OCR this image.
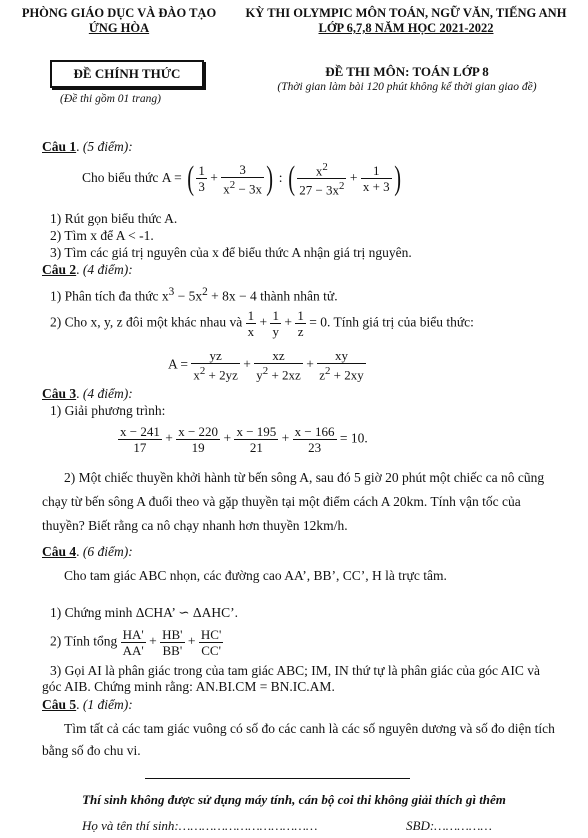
PHÒNG GIÁO DỤC VÀ ĐÀO TẠO
ỨNG HÒA
KỲ THI OLYMPIC MÔN TOÁN, NGỮ VĂN, TIẾNG ANH
LỚP 6,7,8 NĂM HỌC 2021-2022
ĐỀ CHÍNH THỨC
(Đề thi gồm 01 trang)
ĐỀ THI MÔN: TOÁN LỚP 8
(Thời gian làm bài 120 phút không kể thời gian giao đề)
Câu 1. (5 điểm):
Cho biểu thức A = ( $\frac{1}{3} + \frac{3}{x^2 - 3x}$ ) : ( $\frac{x^2}{27 - 3x^2} + \frac{1}{x + 3}$ )
1) Rút gọn biểu thức A.
2) Tìm x để A < -1.
3) Tìm các giá trị nguyên của x để biểu thức A nhận giá trị nguyên.
Câu 2. (4 điểm):
1) Phân tích đa thức $x^3 - 5x^2 + 8x - 4$ thành nhân tử.
2) Cho x, y, z đôi một khác nhau và $\frac{1}{x} + \frac{1}{y} + \frac{1}{z} = 0$. Tính giá trị của biểu thức:
$A = \frac{yz}{x^2 + 2yz} + \frac{xz}{y^2 + 2xz} + \frac{xy}{z^2 + 2xy}$
Câu 3. (4 điểm):
1) Giải phương trình:
$\frac{x - 241}{17} + \frac{x - 220}{19} + \frac{x - 195}{21} + \frac{x - 166}{23} = 10$.
2) Một chiếc thuyền khởi hành từ bến sông A, sau đó 5 giờ 20 phút một chiếc ca nô cũng chạy từ bến sông A đuổi theo và gặp thuyền tại một điểm cách A 20km. Tính vận tốc của thuyền? Biết rằng ca nô chạy nhanh hơn thuyền 12km/h.
Câu 4. (6 điểm):
Cho tam giác ABC nhọn, các đường cao AA’, BB’, CC’, H là trực tâm.
1) Chứng minh ΔCHA’ ∽ ΔAHC’.
2) Tính tổng $\frac{HA'}{AA'} + \frac{HB'}{BB'} + \frac{HC'}{CC'}$
3) Gọi AI là phân giác trong của tam giác ABC; IM, IN thứ tự là phân giác của góc AIC và góc AIB. Chứng minh rằng: AN.BI.CM = BN.IC.AM.
Câu 5. (1 điểm):
Tìm tất cả các tam giác vuông có số đo các canh là các số nguyên dương và số đo diện tích bằng số đo chu vi.
Thí sinh không được sử dụng máy tính, cán bộ coi thi không giải thích gì thêm
Họ và tên thí sinh:………………………………	SBD:……………
